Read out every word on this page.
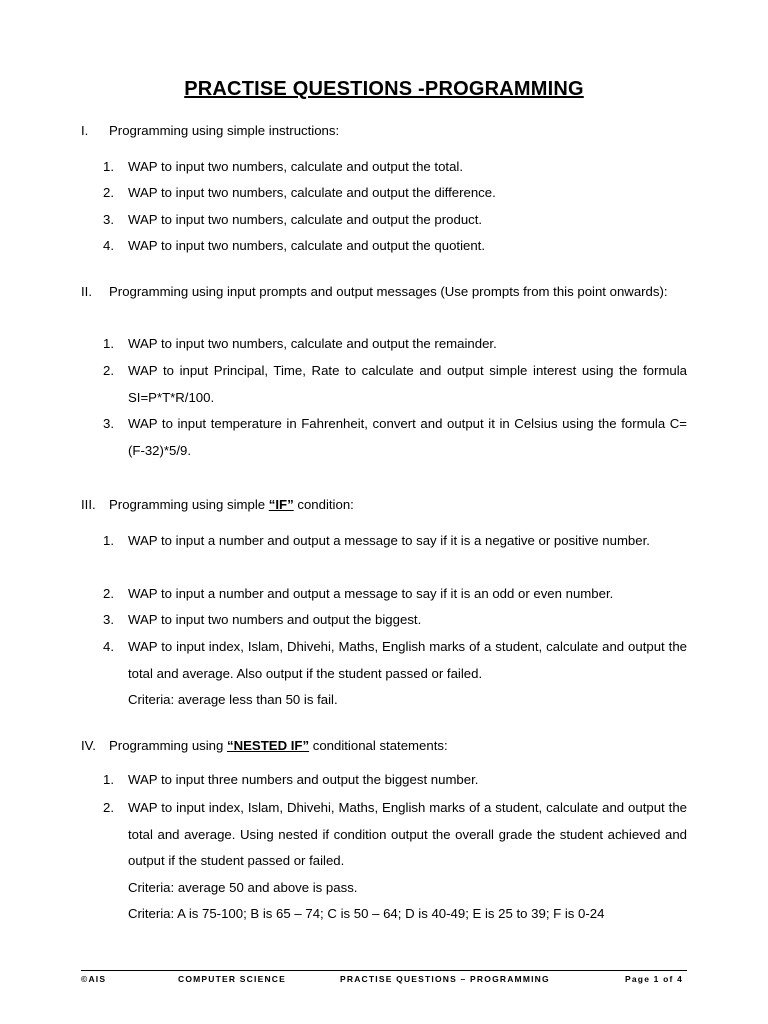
PRACTISE QUESTIONS -PROGRAMMING
I. Programming using simple instructions:
1. WAP to input two numbers, calculate and output the total.
2. WAP to input two numbers, calculate and output the difference.
3. WAP to input two numbers, calculate and output the product.
4. WAP to input two numbers, calculate and output the quotient.
II. Programming using input prompts and output messages (Use prompts from this point onwards):
1. WAP to input two numbers, calculate and output the remainder.
2. WAP to input Principal, Time, Rate to calculate and output simple interest using the formula SI=P*T*R/100.
3. WAP to input temperature in Fahrenheit, convert and output it in Celsius using the formula C= (F-32)*5/9.
III. Programming using simple “IF” condition:
1. WAP to input a number and output a message to say if it is a negative or positive number.
2. WAP to input a number and output a message to say if it is an odd or even number.
3. WAP to input two numbers and output the biggest.
4. WAP to input index, Islam, Dhivehi, Maths, English marks of a student, calculate and output the total and average. Also output if the student passed or failed.
Criteria: average less than 50 is fail.
IV. Programming using “NESTED IF” conditional statements:
1. WAP to input three numbers and output the biggest number.
2. WAP to input index, Islam, Dhivehi, Maths, English marks of a student, calculate and output the total and average. Using nested if condition output the overall grade the student achieved and output if the student passed or failed.
Criteria: average 50 and above is pass.
Criteria: A is 75-100; B is 65 – 74; C is 50 – 64; D is 40-49; E is 25 to 39; F is 0-24
©AIS	COMPUTER SCIENCE	PRACTISE QUESTIONS – PROGRAMMING	Page 1 of 4
